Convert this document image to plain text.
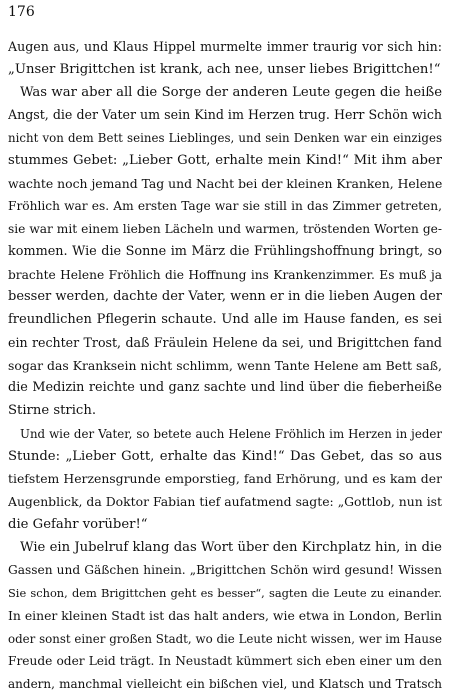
176
Augen aus, und Klaus Hippel murmelte immer traurig vor sich hin:
„Unser Brigittchen ist krank, ach nee, unser liebes Brigittchen!“
Was war aber all die Sorge der anderen Leute gegen die heiße
Angst, die der Vater um sein Kind im Herzen trug. Herr Schön wich
nicht von dem Bett seines Lieblinges, und sein Denken war ein einziges
stummes Gebet: „Lieber Gott, erhalte mein Kind!“ Mit ihm aber
wachte noch jemand Tag und Nacht bei der kleinen Kranken, Helene
Fröhlich war es. Am ersten Tage war sie still in das Zimmer getreten,
sie war mit einem lieben Lächeln und warmen, tröstenden Worten ge-
kommen. Wie die Sonne im März die Frühlingshoffnung bringt, so
brachte Helene Fröhlich die Hoffnung ins Krankenzimmer. Es muß ja
besser werden, dachte der Vater, wenn er in die lieben Augen der
freundlichen Pflegerin schaute. Und alle im Hause fanden, es sei
ein rechter Trost, daß Fräulein Helene da sei, und Brigittchen fand
sogar das Kranksein nicht schlimm, wenn Tante Helene am Bett saß,
die Medizin reichte und ganz sachte und lind über die fieberheiße
Stirne strich.
Und wie der Vater, so betete auch Helene Fröhlich im Herzen in jeder
Stunde: „Lieber Gott, erhalte das Kind!“ Das Gebet, das so aus
tiefstem Herzensgrunde emporstieg, fand Erhörung, und es kam der
Augenblick, da Doktor Fabian tief aufatmend sagte: „Gottlob, nun ist
die Gefahr vorüber!“
Wie ein Jubelruf klang das Wort über den Kirchplatz hin, in die
Gassen und Gäßchen hinein. „Brigittchen Schön wird gesund! Wissen
Sie schon, dem Brigittchen geht es besser“, sagten die Leute zu einander.
In einer kleinen Stadt ist das halt anders, wie etwa in London, Berlin
oder sonst einer großen Stadt, wo die Leute nicht wissen, wer im Hause
Freude oder Leid trägt. In Neustadt kümmert sich eben einer um den
andern, manchmal vielleicht ein bißchen viel, und Klatsch und Tratsch
